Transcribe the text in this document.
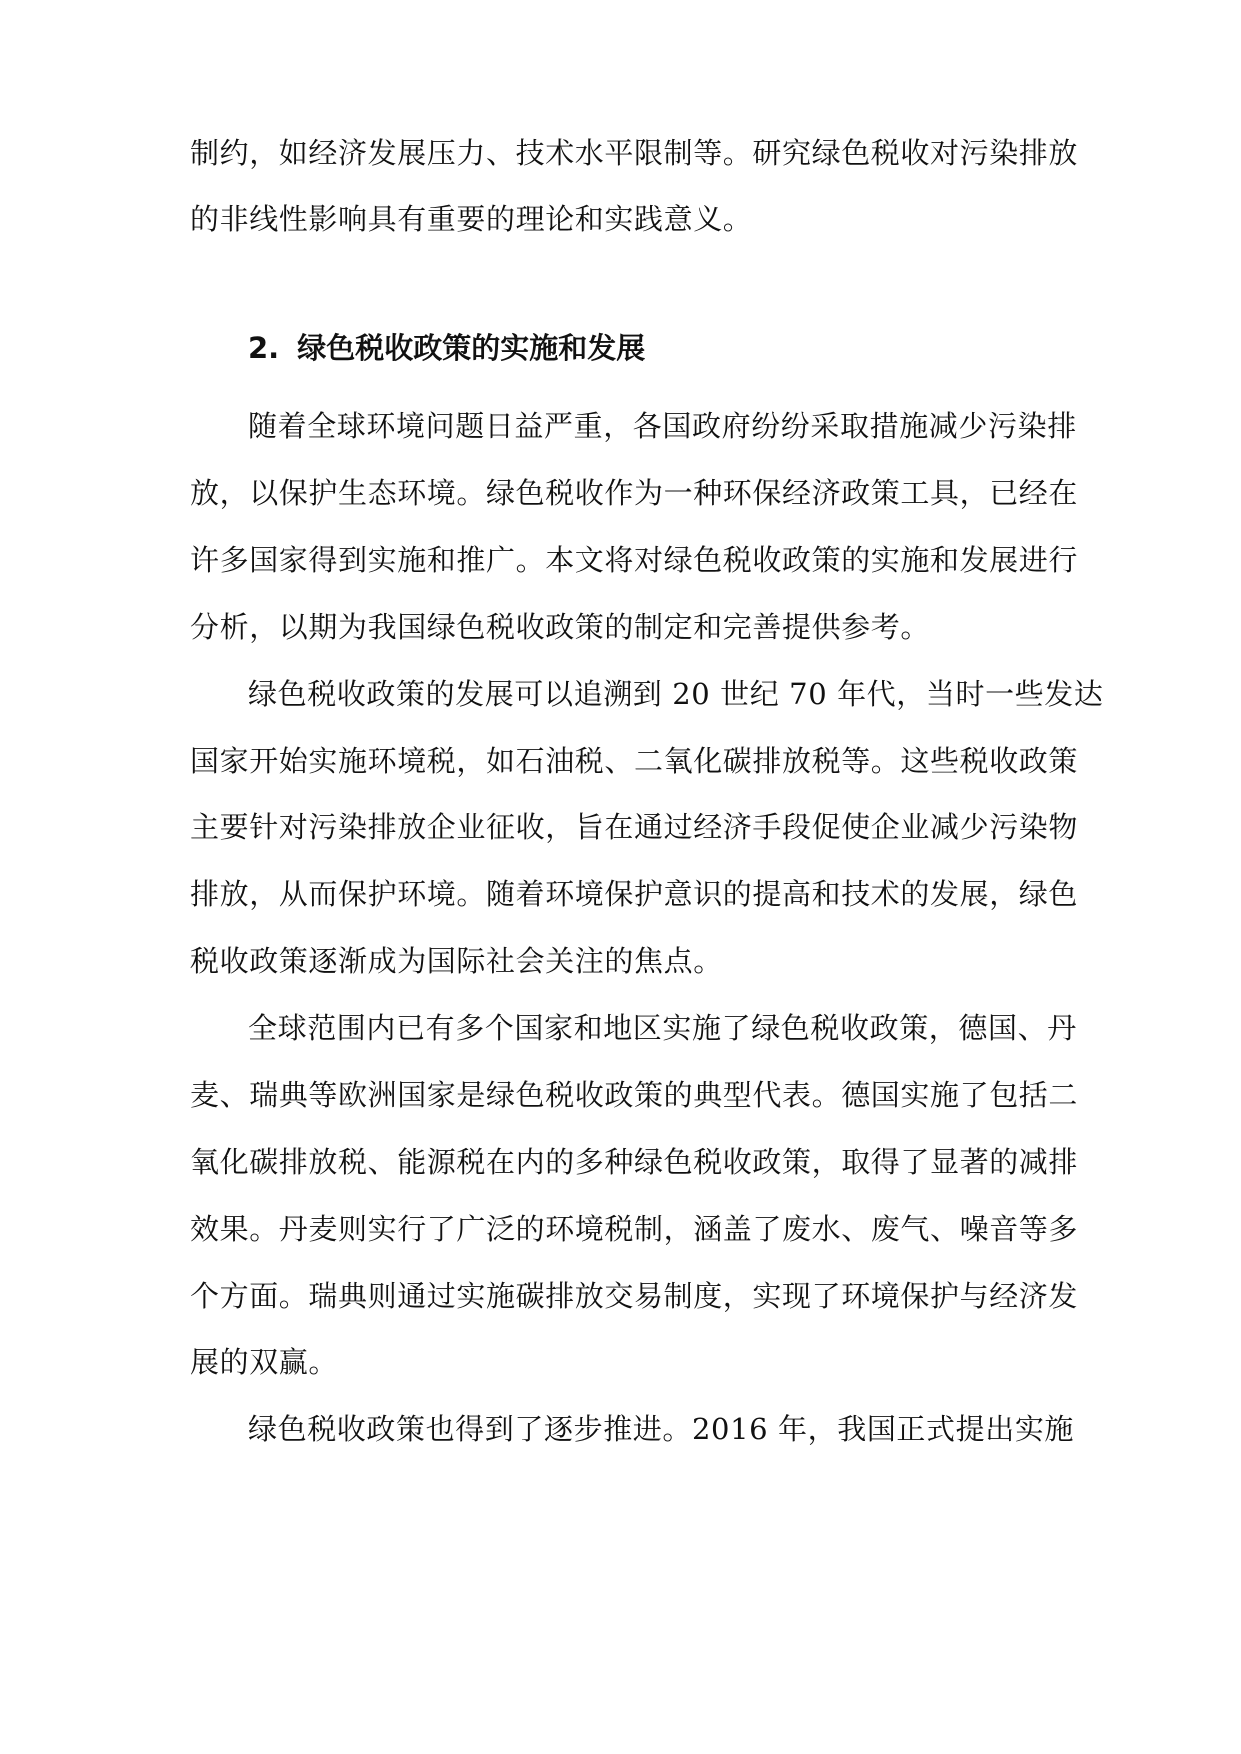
制约，如经济发展压力、技术水平限制等。研究绿色税收对污染排放
的非线性影响具有重要的理论和实践意义。
2. 绿色税收政策的实施和发展
随着全球环境问题日益严重，各国政府纷纷采取措施减少污染排
放，以保护生态环境。绿色税收作为一种环保经济政策工具，已经在
许多国家得到实施和推广。本文将对绿色税收政策的实施和发展进行
分析，以期为我国绿色税收政策的制定和完善提供参考。
绿色税收政策的发展可以追溯到 20 世纪 70 年代，当时一些发达
国家开始实施环境税，如石油税、二氧化碳排放税等。这些税收政策
主要针对污染排放企业征收，旨在通过经济手段促使企业减少污染物
排放，从而保护环境。随着环境保护意识的提高和技术的发展，绿色
税收政策逐渐成为国际社会关注的焦点。
全球范围内已有多个国家和地区实施了绿色税收政策，德国、丹
麦、瑞典等欧洲国家是绿色税收政策的典型代表。德国实施了包括二
氧化碳排放税、能源税在内的多种绿色税收政策，取得了显著的减排
效果。丹麦则实行了广泛的环境税制，涵盖了废水、废气、噪音等多
个方面。瑞典则通过实施碳排放交易制度，实现了环境保护与经济发
展的双赢。
绿色税收政策也得到了逐步推进。2016 年，我国正式提出实施
